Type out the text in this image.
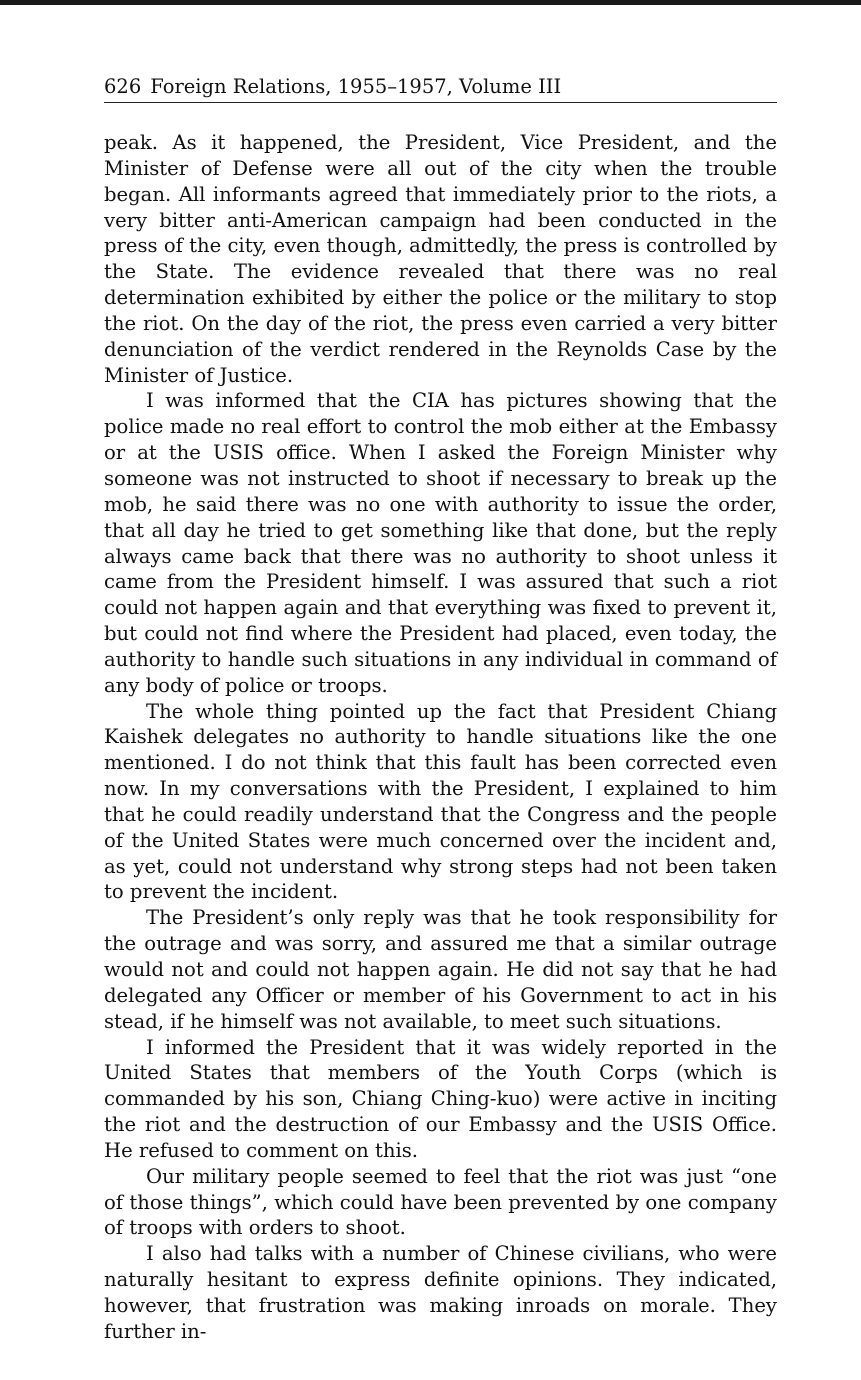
626 Foreign Relations, 1955–1957, Volume III

peak. As it happened, the President, Vice President, and the Minister of Defense were all out of the city when the trouble began. All informants agreed that immediately prior to the riots, a very bitter anti-American campaign had been conducted in the press of the city, even though, admittedly, the press is controlled by the State. The evidence revealed that there was no real determination exhibited by either the police or the military to stop the riot. On the day of the riot, the press even carried a very bitter denunciation of the verdict rendered in the Reynolds Case by the Minister of Justice.

I was informed that the CIA has pictures showing that the police made no real effort to control the mob either at the Embassy or at the USIS office. When I asked the Foreign Minister why someone was not instructed to shoot if necessary to break up the mob, he said there was no one with authority to issue the order, that all day he tried to get something like that done, but the reply always came back that there was no authority to shoot unless it came from the President himself. I was assured that such a riot could not happen again and that everything was fixed to prevent it, but could not find where the President had placed, even today, the authority to handle such situations in any individual in command of any body of police or troops.

The whole thing pointed up the fact that President Chiang Kaishek delegates no authority to handle situations like the one mentioned. I do not think that this fault has been corrected even now. In my conversations with the President, I explained to him that he could readily understand that the Congress and the people of the United States were much concerned over the incident and, as yet, could not understand why strong steps had not been taken to prevent the incident.

The President’s only reply was that he took responsibility for the outrage and was sorry, and assured me that a similar outrage would not and could not happen again. He did not say that he had delegated any Officer or member of his Government to act in his stead, if he himself was not available, to meet such situations.

I informed the President that it was widely reported in the United States that members of the Youth Corps (which is commanded by his son, Chiang Ching-kuo) were active in inciting the riot and the destruction of our Embassy and the USIS Office. He refused to comment on this.

Our military people seemed to feel that the riot was just “one of those things”, which could have been prevented by one company of troops with orders to shoot.

I also had talks with a number of Chinese civilians, who were naturally hesitant to express definite opinions. They indicated, however, that frustration was making inroads on morale. They further in-
